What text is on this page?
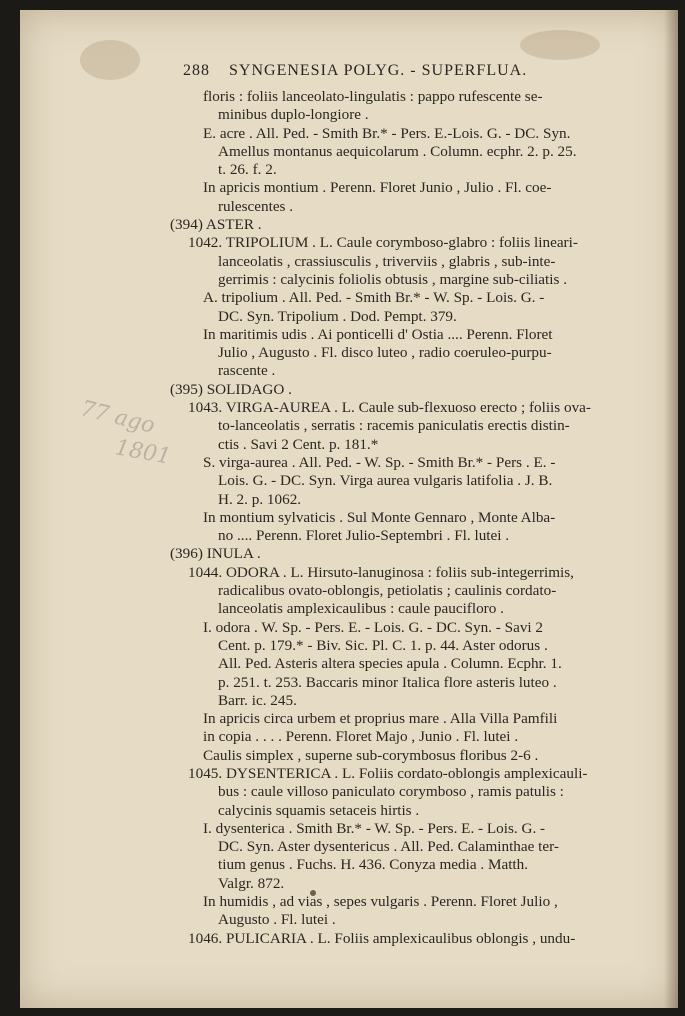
288 SYNGENESIA POLYG. - SUPERFLUA.
77 ago
1801
floris : foliis lanceolato-lingulatis : pappo rufescente se-
minibus duplo-longiore .
E. acre . All. Ped. - Smith Br.* - Pers. E.-Lois. G. - DC. Syn.
Amellus montanus aequicolarum . Column. ecphr. 2. p. 25.
t. 26. f. 2.
In apricis montium . Perenn. Floret Junio , Julio . Fl. coe-
rulescentes .
(394) ASTER .
1042. TRIPOLIUM . L. Caule corymboso-glabro : foliis lineari-
lanceolatis , crassiusculis , triverviis , glabris , sub-inte-
gerrimis : calycinis foliolis obtusis , margine sub-ciliatis .
A. tripolium . All. Ped. - Smith Br.* - W. Sp. - Lois. G. -
DC. Syn. Tripolium . Dod. Pempt. 379.
In maritimis udis . Ai ponticelli d' Ostia .... Perenn. Floret
Julio , Augusto . Fl. disco luteo , radio coeruleo-purpu-
rascente .
(395) SOLIDAGO .
1043. VIRGA-AUREA . L. Caule sub-flexuoso erecto ; foliis ova-
to-lanceolatis , serratis : racemis paniculatis erectis distin-
ctis . Savi 2 Cent. p. 181.*
S. virga-aurea . All. Ped. - W. Sp. - Smith Br.* - Pers . E. -
Lois. G. - DC. Syn. Virga aurea vulgaris latifolia . J. B.
H. 2. p. 1062.
In montium sylvaticis . Sul Monte Gennaro , Monte Alba-
no .... Perenn. Floret Julio-Septembri . Fl. lutei .
(396) INULA .
1044. ODORA . L. Hirsuto-lanuginosa : foliis sub-integerrimis,
radicalibus ovato-oblongis, petiolatis ; caulinis cordato-
lanceolatis amplexicaulibus : caule paucifloro .
I. odora . W. Sp. - Pers. E. - Lois. G. - DC. Syn. - Savi 2
Cent. p. 179.* - Biv. Sic. Pl. C. 1. p. 44. Aster odorus .
All. Ped. Asteris altera species apula . Column. Ecphr. 1.
p. 251. t. 253. Baccaris minor Italica flore asteris luteo .
Barr. ic. 245.
In apricis circa urbem et proprius mare . Alla Villa Pamfili
in copia . . . . Perenn. Floret Majo , Junio . Fl. lutei .
Caulis simplex , superne sub-corymbosus floribus 2-6 .
1045. DYSENTERICA . L. Foliis cordato-oblongis amplexicauli-
bus : caule villoso paniculato corymboso , ramis patulis :
calycinis squamis setaceis hirtis .
I. dysenterica . Smith Br.* - W. Sp. - Pers. E. - Lois. G. -
DC. Syn. Aster dysentericus . All. Ped. Calaminthae ter-
tium genus . Fuchs. H. 436. Conyza media . Matth.
Valgr. 872.
In humidis , ad vias , sepes vulgaris . Perenn. Floret Julio ,
Augusto . Fl. lutei .
1046. PULICARIA . L. Foliis amplexicaulibus oblongis , undu-
